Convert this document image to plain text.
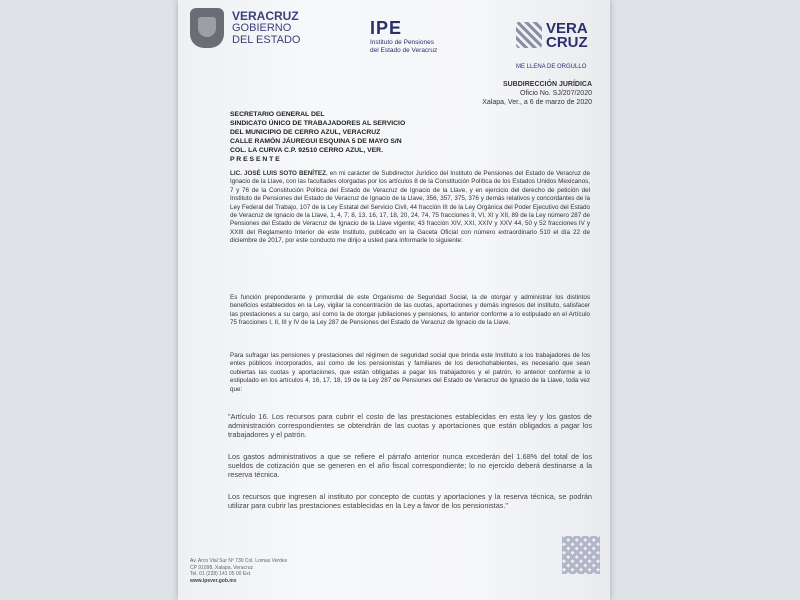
VERACRUZ
GOBIERNO
DEL ESTADO
IPE
Instituto de Pensiones
del Estado de Veracruz
VERA
CRUZ
ME LLENA DE ORGULLO
SUBDIRECCIÓN JURÍDICA
Oficio No. SJ/207/2020
Xalapa, Ver., a 6 de marzo de 2020
SECRETARIO GENERAL DEL
SINDICATO ÚNICO DE TRABAJADORES AL SERVICIO
DEL MUNICIPIO DE CERRO AZUL, VERACRUZ
CALLE RAMÓN JÁUREGUI ESQUINA 5 DE MAYO S/N
COL. LA CURVA C.P. 92510 CERRO AZUL, VER.
P R E S E N T E
LIC. JOSÉ LUIS SOTO BENÍTEZ, en mi carácter de Subdirector Jurídico del Instituto de Pensiones del Estado de Veracruz de Ignacio de la Llave, con las facultades otorgadas por los artículos 8 de la Constitución Política de los Estados Unidos Mexicanos, 7 y 76 de la Constitución Política del Estado de Veracruz de Ignacio de la Llave, y en ejercicio del derecho de petición del Instituto de Pensiones del Estado de Veracruz de Ignacio de la Llave, 356, 357, 375, 376 y demás relativos y concordantes de la Ley Federal del Trabajo, 107 de la Ley Estatal del Servicio Civil, 44 fracción III de la Ley Orgánica del Poder Ejecutivo del Estado de Veracruz de Ignacio de la Llave, 1, 4, 7, 8, 13, 16, 17, 18, 20, 24, 74, 75 fracciones II, VI, XI y XII, 89 de la Ley número 287 de Pensiones del Estado de Veracruz de Ignacio de la Llave vigente; 43 fracción XIV, XXI, XXIV y XXV 44, 50 y 52 fracciones IV y XXIII del Reglamento Interior de este Instituto, publicado en la Gaceta Oficial con número extraordinario 510 el día 22 de diciembre de 2017, por este conducto me dirijo a usted para informarle lo siguiente:
Es función preponderante y primordial de este Organismo de Seguridad Social, la de otorgar y administrar los distintos beneficios establecidos en la Ley, vigilar la concentración de las cuotas, aportaciones y demás ingresos del instituto, satisfacer las prestaciones a su cargo, así como la de otorgar jubilaciones y pensiones, lo anterior conforme a lo estipulado en el Artículo 75 fracciones I, II, III y IV de la Ley 287 de Pensiones del Estado de Veracruz de Ignacio de la Llave.
Para sufragar las pensiones y prestaciones del régimen de seguridad social que brinda este Instituto a los trabajadores de los entes públicos incorporados, así como de los pensionistas y familiares de los derechohabientes, es necesario que sean cubiertas las cuotas y aportaciones, que están obligadas a pagar los trabajadores y el patrón, lo anterior conforme a lo estipulado en los artículos 4, 16, 17, 18, 19 de la Ley 287 de Pensiones del Estado de Veracruz de Ignacio de la Llave, toda vez que:
"Artículo 16. Los recursos para cubrir el costo de las prestaciones establecidas en esta ley y los gastos de administración correspondientes se obtendrán de las cuotas y aportaciones que están obligados a pagar los trabajadores y el patrón.
Los gastos administrativos a que se refiere el párrafo anterior nunca excederán del 1.68% del total de los sueldos de cotización que se generen en el año fiscal correspondiente; lo no ejercido deberá destinarse a la reserva técnica.
Los recursos que ingresen al instituto por concepto de cuotas y aportaciones y la reserva técnica, se podrán utilizar para cubrir las prestaciones establecidas en la Ley a favor de los pensionistas."
Av. Arco Vial Sur Nº 730 Col. Lomas Verdes
CP 91098, Xalapa, Veracruz
Tel. 01 (228) 141 05 00 Ext.
www.ipever.gob.mx
